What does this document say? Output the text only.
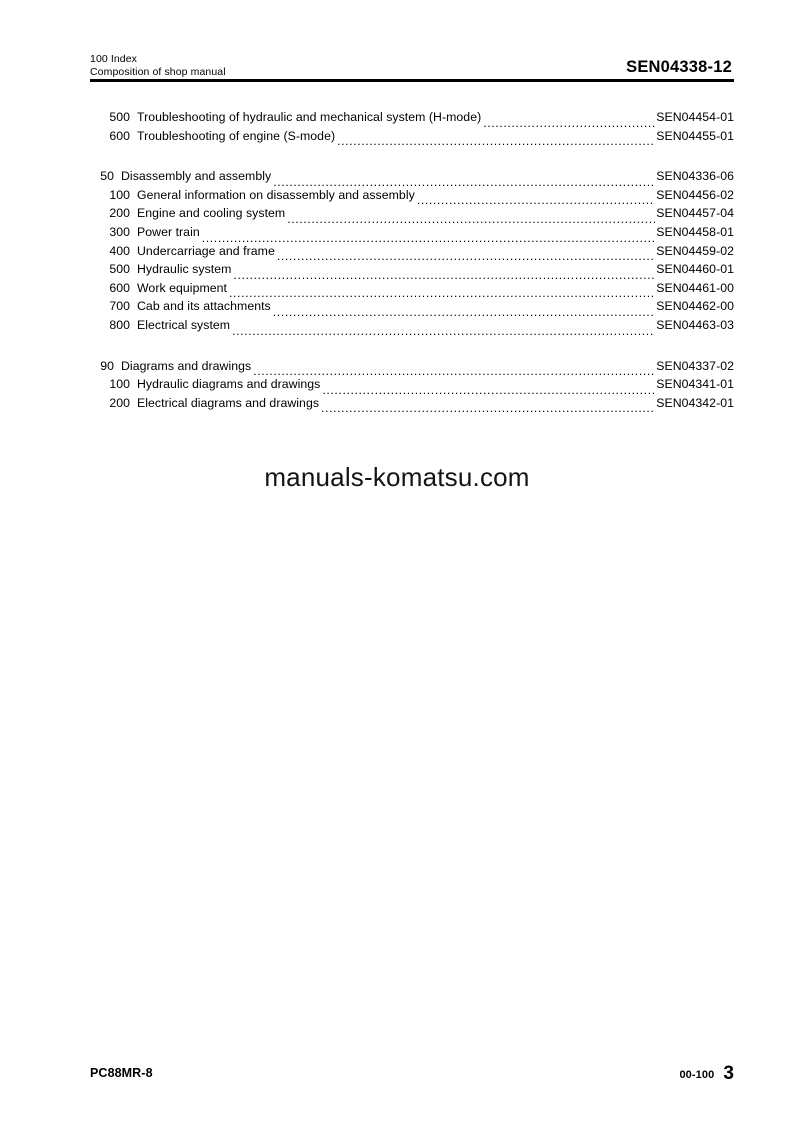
100 Index
Composition of shop manual	SEN04338-12
500 Troubleshooting of hydraulic and mechanical system (H-mode) .....	SEN04454-01
600 Troubleshooting of engine (S-mode) .....	SEN04455-01
50 Disassembly and assembly .....	SEN04336-06
100 General information on disassembly and assembly .....	SEN04456-02
200 Engine and cooling system .....	SEN04457-04
300 Power train .....	SEN04458-01
400 Undercarriage and frame .....	SEN04459-02
500 Hydraulic system .....	SEN04460-01
600 Work equipment .....	SEN04461-00
700 Cab and its attachments .....	SEN04462-00
800 Electrical system .....	SEN04463-03
90 Diagrams and drawings .....	SEN04337-02
100 Hydraulic diagrams and drawings .....	SEN04341-01
200 Electrical diagrams and drawings .....	SEN04342-01
manuals-komatsu.com
PC88MR-8	00-100 3
